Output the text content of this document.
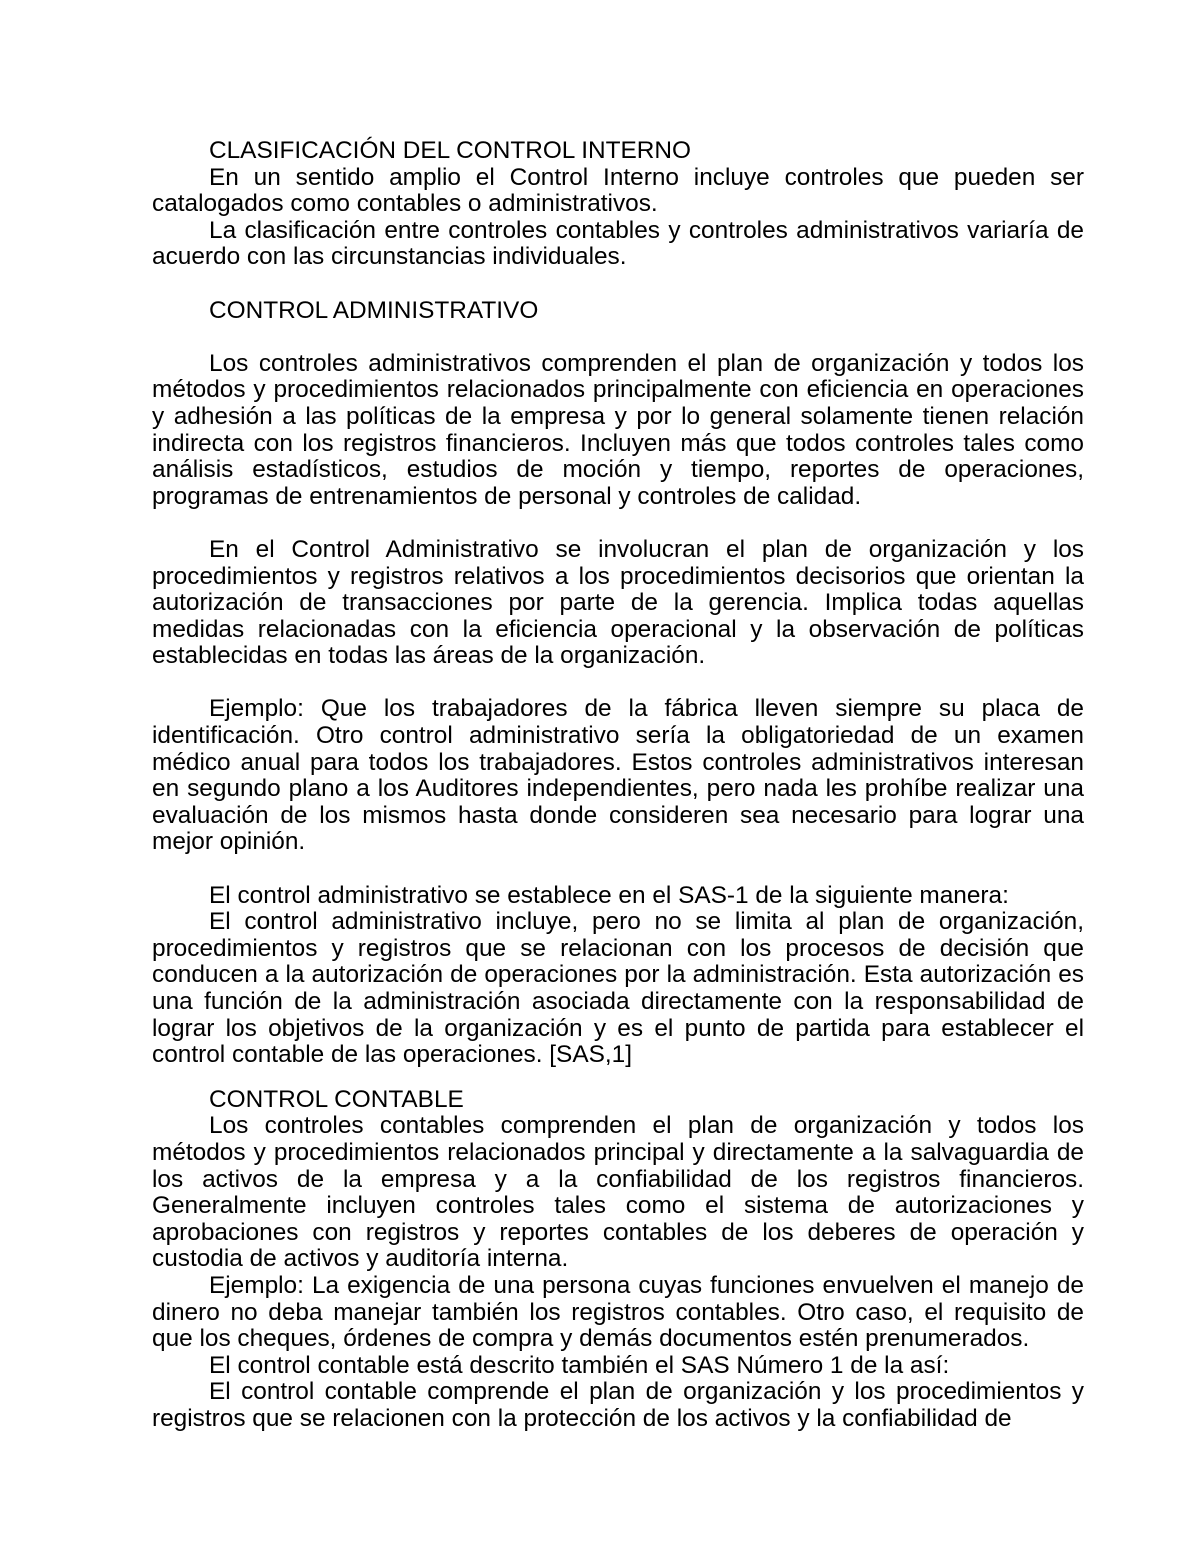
CLASIFICACIÓN DEL CONTROL INTERNO

En un sentido amplio el Control Interno incluye controles que pueden ser catalogados como contables o administrativos.

La clasificación entre controles contables y controles administrativos variaría de acuerdo con las circunstancias individuales.

CONTROL ADMINISTRATIVO

Los controles administrativos comprenden el plan de organización y todos los métodos y procedimientos relacionados principalmente con eficiencia en operaciones y adhesión a las políticas de la empresa y por lo general solamente tienen relación indirecta con los registros financieros. Incluyen más que todos controles tales como análisis estadísticos, estudios de moción y tiempo, reportes de operaciones, programas de entrenamientos de personal y controles de calidad.

En el Control Administrativo se involucran el plan de organización y los procedimientos y registros relativos a los procedimientos decisorios que orientan la autorización de transacciones por parte de la gerencia. Implica todas aquellas medidas relacionadas con la eficiencia operacional y la observación de políticas establecidas en todas las áreas de la organización.

Ejemplo: Que los trabajadores de la fábrica lleven siempre su placa de identificación. Otro control administrativo sería la obligatoriedad de un examen médico anual para todos los trabajadores. Estos controles administrativos interesan en segundo plano a los Auditores independientes, pero nada les prohíbe realizar una evaluación de los mismos hasta donde consideren sea necesario para lograr una mejor opinión.

El control administrativo se establece en el SAS-1 de la siguiente manera:

El control administrativo incluye, pero no se limita al plan de organización, procedimientos y registros que se relacionan con los procesos de decisión que conducen a la autorización de operaciones por la administración. Esta autorización es una función de la administración asociada directamente con la responsabilidad de lograr los objetivos de la organización y es el punto de partida para establecer el control contable de las operaciones. [SAS,1]

CONTROL CONTABLE

Los controles contables comprenden el plan de organización y todos los métodos y procedimientos relacionados principal y directamente a la salvaguardia de los activos de la empresa y a la confiabilidad de los registros financieros. Generalmente incluyen controles tales como el sistema de autorizaciones y aprobaciones con registros y reportes contables de los deberes de operación y custodia de activos y auditoría interna.

Ejemplo: La exigencia de una persona cuyas funciones envuelven el manejo de dinero no deba manejar también los registros contables. Otro caso, el requisito de que los cheques, órdenes de compra y demás documentos estén prenumerados.

El control contable está descrito también el SAS Número 1 de la así:

El control contable comprende el plan de organización y los procedimientos y registros que se relacionen con la protección de los activos y la confiabilidad de
